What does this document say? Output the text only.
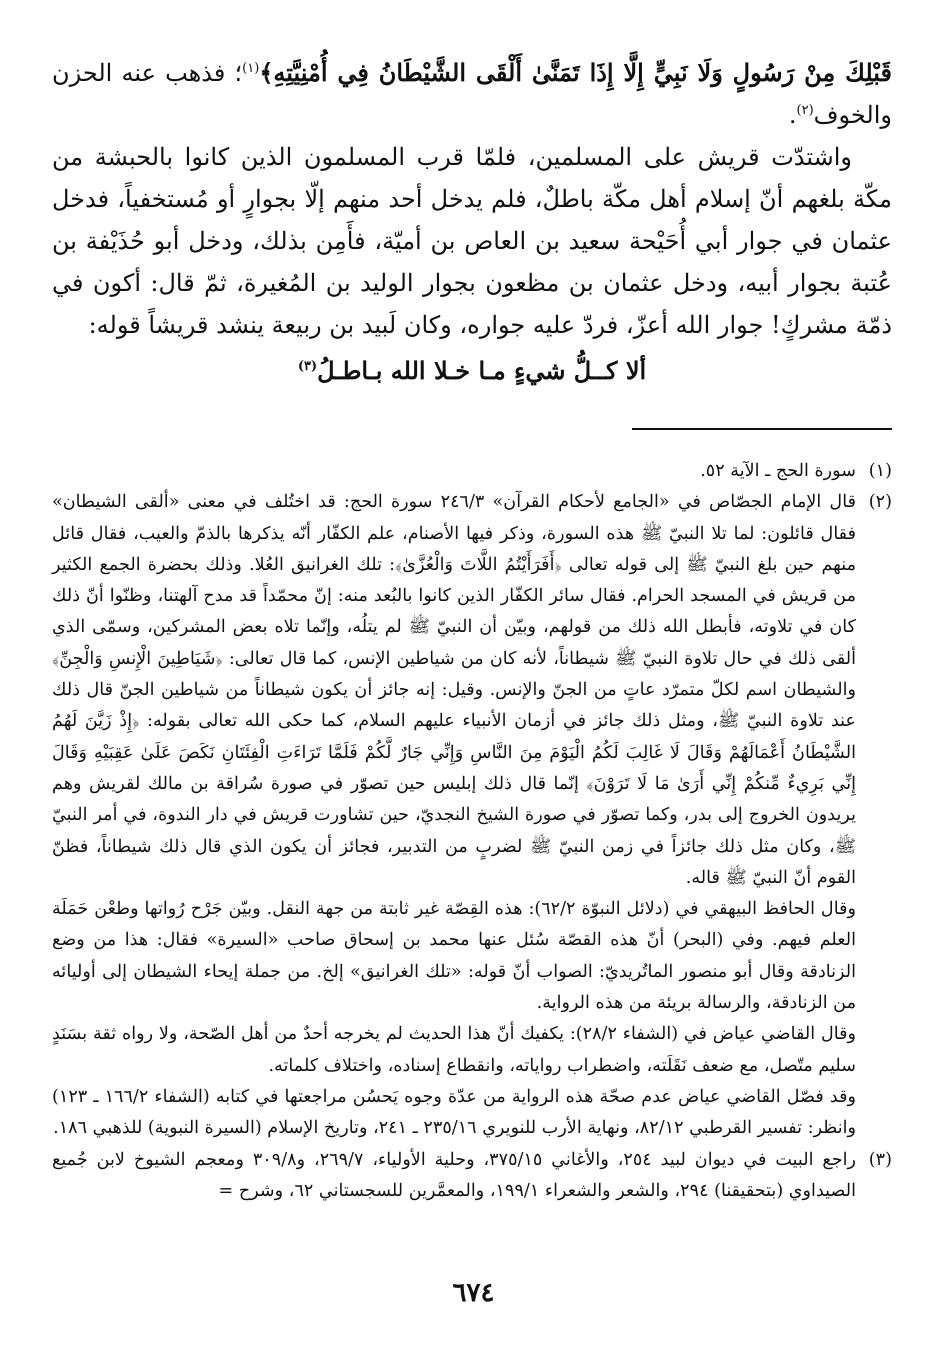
قَبْلِكَ مِنْ رَسُولٍ وَلَا نَبِيٍّ إِلَّا إِذَا تَمَنَّىٰ أَلْقَى الشَّيْطَانُ فِي أُمْنِيَّتِهِ﴾$^{(١)}$؛ فذهب عنه الحزن والخوف$^{(٢)}$.

واشتدّت قريش على المسلمين، فلمّا قرب المسلمون الذين كانوا بالحبشة من مكّة بلغهم أنّ إسلام أهل مكّة باطلٌ، فلم يدخل أحد منهم إلّا بجوارٍ أو مُستخفياً، فدخل عثمان في جوار أبي أُحَيْحة سعيد بن العاص بن أميّة، فأَمِن بذلك، ودخل أبو حُذَيْفة بن عُتبة بجوار أبيه، ودخل عثمان بن مظعون بجوار الوليد بن المُغيرة، ثمّ قال: أكون في ذمّة مشركٍ! جوار الله أعزّ، فردّ عليه جواره، وكان لَبيد بن ربيعة ينشد قريشاً قوله:

ألا كــلُّ شيءٍ مـا خـلا الله بـاطـلُ$^{(٣)}$

(١)

سورة الحج ـ الآية ٥٢.

(٢)

قال الإمام الجصّاص في «الجامع لأحكام القرآن» ٢٤٦/٣ سورة الحج: قد اختُلف في معنى «ألقى الشيطان» فقال قائلون: لما تلا النبيّ ﷺ هذه السورة، وذكر فيها الأصنام، علم الكفّار أنّه يذكرها بالذمّ والعيب، فقال قائل منهم حين بلغ النبيّ ﷺ إلى قوله تعالى ﴿أَفَرَأَيْتُمُ اللَّاتَ وَالْعُزَّىٰ﴾: تلك الغرانيق العُلا. وذلك بحضرة الجمع الكثير من قريش في المسجد الحرام. فقال سائر الكفّار الذين كانوا بالبُعد منه: إنّ محمّداً قد مدح آلهتنا، وظنّوا أنّ ذلك كان في تلاوته، فأبطل الله ذلك من قولهم، وبيّن أن النبيّ ﷺ لم يتلُه، وإنّما تلاه بعض المشركين، وسمّى الذي ألقى ذلك في حال تلاوة النبيّ ﷺ شيطاناً، لأنه كان من شياطين الإنس، كما قال تعالى: ﴿شَيَاطِينَ الْإِنسِ وَالْجِنِّ﴾ والشيطان اسم لكلّ متمرّد عاتٍ من الجنّ والإنس. وقيل: إنه جائز أن يكون شيطاناً من شياطين الجنّ قال ذلك عند تلاوة النبيّ ﷺ، ومثل ذلك جائز في أزمان الأنبياء عليهم السلام، كما حكى الله تعالى بقوله: ﴿إِذْ زَيَّنَ لَهُمُ الشَّيْطَانُ أَعْمَالَهُمْ وَقَالَ لَا غَالِبَ لَكُمُ الْيَوْمَ مِنَ النَّاسِ وَإِنِّي جَارٌ لَّكُمْ فَلَمَّا تَرَاءَتِ الْفِئَتَانِ نَكَصَ عَلَىٰ عَقِبَيْهِ وَقَالَ إِنِّي بَرِيءٌ مِّنكُمْ إِنِّي أَرَىٰ مَا لَا تَرَوْنَ﴾ إنّما قال ذلك إبليس حين تصوّر في صورة سُراقة بن مالك لقريش وهم يريدون الخروج إلى بدر، وكما تصوّر في صورة الشيخ النجديّ، حين تشاورت قريش في دار الندوة، في أمر النبيّ ﷺ، وكان مثل ذلك جائزاً في زمن النبيّ ﷺ لضربٍ من التدبير، فجائز أن يكون الذي قال ذلك شيطاناً، فظنّ القوم أنّ النبيّ ﷺ قاله.

وقال الحافظ البيهقي في (دلائل النبوّة ٦٢/٢): هذه القِصّة غير ثابتة من جهة النقل. وبيّن جَرْح رُواتها وطعْن حَمَلَة العلم فيهم. وفي (البحر) أنّ هذه القصّة سُئل عنها محمد بن إسحاق صاحب «السيرة» فقال: هذا من وضع الزنادقة وقال أبو منصور الماتُريديّ: الصواب أنّ قوله: «تلك الغرانيق» إلخ. من جملة إيحاء الشيطان إلى أوليائه من الزنادقة، والرسالة بريئة من هذه الرواية.

وقال القاضي عياض في (الشفاء ٢٨/٢): يكفيك أنّ هذا الحديث لم يخرجه أحدٌ من أهل الصّحة، ولا رواه ثقة بسَنَدٍ سليم متّصل، مع ضعف نَقَلَته، واضطراب رواياته، وانقطاع إسناده، واختلاف كلماته.

وقد فصّل القاضي عياض عدم صحّة هذه الرواية من عدّة وجوه يَحسُن مراجعتها في كتابه (الشفاء ١٦٦/٢ ـ ١٢٣) وانظر: تفسير القرطبي ٨٢/١٢، ونهاية الأرب للنويري ٢٣٥/١٦ ـ ٢٤١، وتاريخ الإسلام (السيرة النبوية) للذهبي ١٨٦.

(٣)

راجع البيت في ديوان لبيد ٢٥٤، والأغاني ٣٧٥/١٥، وحلية الأولياء، ٢٦٩/٧، و٣٠٩/٨ ومعجم الشيوخ لابن جُميع الصيداوي (بتحقيقنا) ٢٩٤، والشعر والشعراء ١٩٩/١، والمعمَّرين للسجستاني ٦٢، وشرح =

٦٧٤
